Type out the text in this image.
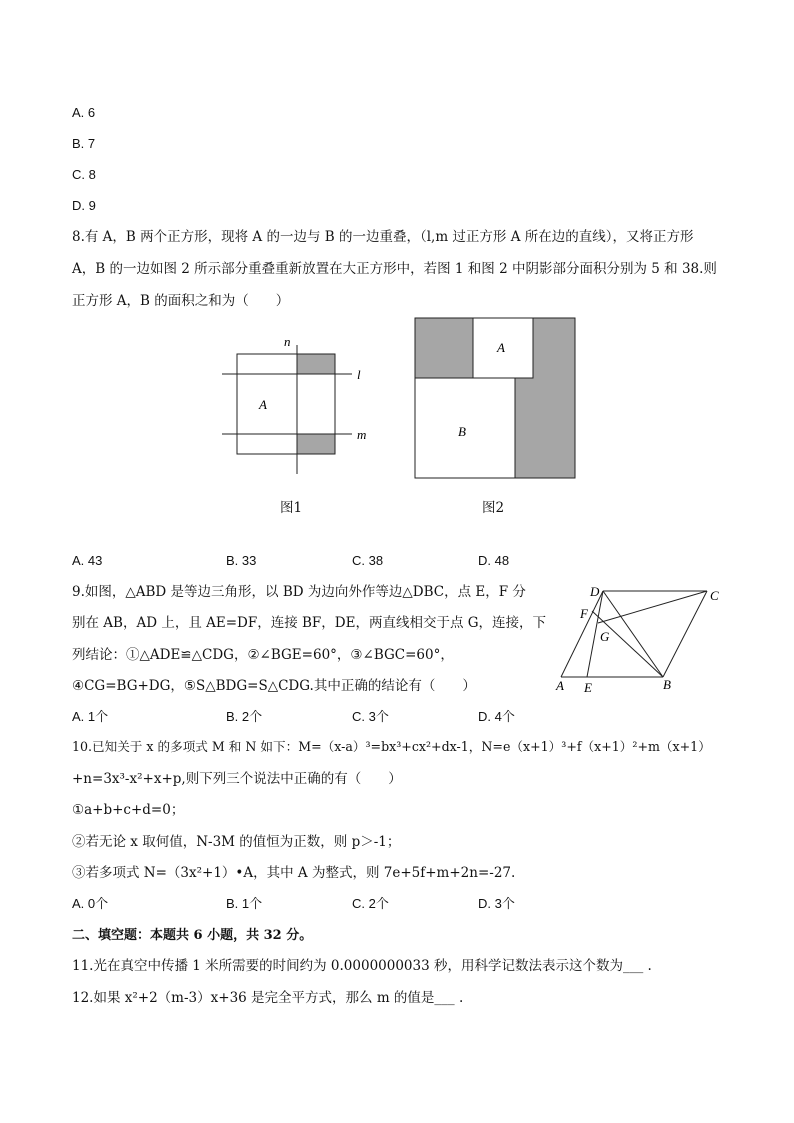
A. 6
B. 7
C. 8
D. 9
8.有 A，B 两个正方形，现将 A 的一边与 B 的一边重叠，（l,m 过正方形 A 所在边的直线），又将正方形
A，B 的一边如图 2 所示部分重叠重新放置在大正方形中，若图 1 和图 2 中阴影部分面积分别为 5 和 38.则
正方形 A，B 的面积之和为（　　）
n
l
m
A
图1
A
B
图2
A. 43	B. 33	C. 38	D. 48
9.如图，△ABD 是等边三角形，以 BD 为边向外作等边△DBC，点 E，F 分
别在 AB，AD 上，且 AE=DF，连接 BF，DE，两直线相交于点 G，连接，下
列结论：①△ADE≌△CDG，②∠BGE=60°，③∠BGC=60°，
④CG=BG+DG，⑤S△BDG=S△CDG.其中正确的结论有（　　）
D	C
F
G
A E	B
A. 1个	B. 2个	C. 3个	D. 4个
10.已知关于 x 的多项式 M 和 N 如下：M=（x-a）³=bx³+cx²+dx-1，N=e（x+1）³+f（x+1）²+m（x+1）
+n=3x³-x²+x+p,则下列三个说法中正确的有（　　）
①a+b+c+d=0；
②若无论 x 取何值，N-3M 的值恒为正数，则 p＞-1；
③若多项式 N=（3x²+1）•A，其中 A 为整式，则 7e+5f+m+2n=-27.
A. 0个	B. 1个	C. 2个	D. 3个
二、填空题：本题共 6 小题，共 32 分。
11.光在真空中传播 1 米所需要的时间约为 0.0000000033 秒，用科学记数法表示这个数为___ .
12.如果 x²+2（m-3）x+36 是完全平方式，那么 m 的值是___ .
